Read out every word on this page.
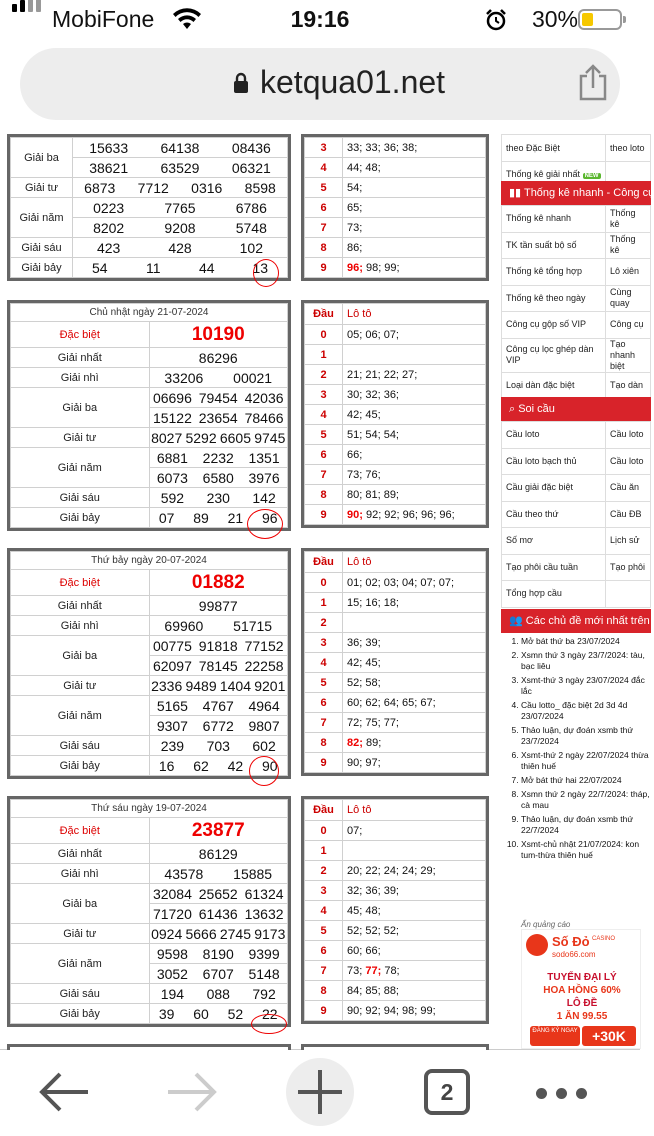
MobiFone	19:16	30%
ketqua01.net
Giải ba	15633 64138 08436

	38621 63529 06321

Giải tư	6873 7712 0316 8598

Giải năm	0223 7765 6786

	8202 9208 5748

Giải sáu	423 428 102

Giải bảy	54 11 44 13
Chủ nhật ngày 21-07-2024	
Đặc biệt	10190
Giải nhất	86296

Giải nhì	33206 00021

Giải ba	06696 79454 42036

	15122 23654 78466

Giải tư	8027 5292 6605 9745

Giải năm	6881 2232 1351

	6073 6580 3976

Giải sáu	592 230 142

Giải bảy	07 89 21 96
Thứ bảy ngày 20-07-2024	
Đặc biệt	01882
Giải nhất	99877

Giải nhì	69960 51715

Giải ba	00775 91818 77152

	62097 78145 22258

Giải tư	2336 9489 1404 9201

Giải năm	5165 4767 4964

	9307 6772 9807

Giải sáu	239 703 602

Giải bảy	16 62 42 90
Thứ sáu ngày 19-07-2024	
Đặc biệt	23877
Giải nhất	86129

Giải nhì	43578 15885

Giải ba	32084 25652 61324

	71720 61436 13632

Giải tư	0924 5666 2745 9173

Giải năm	9598 8190 9399

	3052 6707 5148

Giải sáu	194 088 792

Giải bảy	39 60 52 22
3	33; 33; 36; 38;
4	44; 48;
5	54;
6	65;
7	73;
8	86;
9	96; 98; 99;
Đầu	Lô tô
0	05; 06; 07;
1	
2	21; 21; 22; 27;
3	30; 32; 36;
4	42; 45;
5	51; 54; 54;
6	66;
7	73; 76;
8	80; 81; 89;
9	90; 92; 92; 96; 96; 96;
Đầu	Lô tô
0	01; 02; 03; 04; 07; 07;
1	15; 16; 18;
2	
3	36; 39;
4	42; 45;
5	52; 58;
6	60; 62; 64; 65; 67;
7	72; 75; 77;
8	82; 89;
9	90; 97;
Đầu	Lô tô
0	07;
1	
2	20; 22; 24; 24; 29;
3	32; 36; 39;
4	45; 48;
5	52; 52; 52;
6	60; 66;
7	73; 77; 78;
8	84; 85; 88;
9	90; 92; 94; 98; 99;
theo Đặc Biệt	theo loto
Thống kê giải nhất NEW	
▮▮ Thống kê nhanh - Công cụ
Thống kê nhanh	Thống kê
TK tần suất bộ số	Thống kê
Thống kê tổng hợp	Lô xiên
Thống kê theo ngày	Cùng quay
Công cụ gộp số VIP	Công cụ
Công cụ lọc ghép dàn VIP	Tạo nhanh biệt
Loại dàn đặc biệt	Tạo dàn
⌕ Soi cầu
Cầu loto	Cầu loto
Cầu loto bạch thủ	Cầu loto
Cầu giải đặc biệt	Cầu ăn
Cầu theo thứ	Cầu ĐB
Số mơ	Lịch sử
Tạo phôi cầu tuần	Tạo phôi
Tổng hợp cầu	
👥 Các chủ đề mới nhất trên
1. Mở bát thứ ba 23/07/2024
2. Xsmn thứ 3 ngày 23/7/2024: tàu, bạc liêu
3. Xsmt-thứ 3 ngày 23/07/2024 đắc lắc
4. Cầu lotto_ đặc biệt 2d 3d 4d 23/07/2024
5. Thảo luận, dự đoán xsmb thứ 23/7/2024
6. Xsmt-thứ 2 ngày 22/07/2024 thừa thiên huế
7. Mở bát thứ hai 22/07/2024
8. Xsmn thứ 2 ngày 22/7/2024: tháp, cà mau
9. Thảo luận, dự đoán xsmb thứ 22/7/2024
10. Xsmt-chủ nhật 21/07/2024: kon tum-thừa thiên huế
Ẩn quảng cáo
Số Đỏ CASINO
sodo66.com
TUYỂN ĐẠI LÝ
HOA HỒNG 60%
LÔ ĐỀ
1 ĂN 99.55
ĐĂNG KÝ NGAY	+30K
2
